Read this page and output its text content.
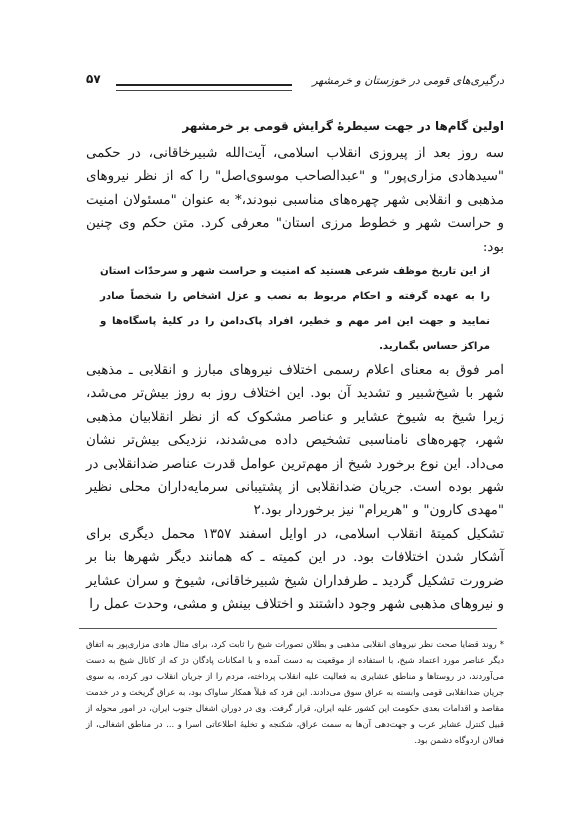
درگیری‌های قومی در خوزستان و خرمشهر
۵۷
اولین گام‌ها در جهت سیطرهٔ گرایش قومی بر خرمشهر

سه روز بعد از پیروزی انقلاب اسلامی، آیت‌الله شبیرخاقانی، در حکمی "سیدهادی مزاری‌پور" و "عبدالصاحب موسوی‌اصل" را که از نظر نیروهای مذهبی و انقلابی شهر چهره‌های مناسبی نبودند،* به عنوان "مسئولان امنیت و حراست شهر و خطوط مرزی استان" معرفی کرد. متن حکم وی چنین بود:

از این تاریخ موظف شرعی هستید که امنیت و حراست شهر و سرحدّات استان را به عهده گرفته و احکام مربوط به نصب و عزل اشخاص را شخصاً صادر نمایید و جهت این امر مهم و خطیر، افراد پاک‌دامن را در کلیهٔ پاسگاه‌ها و مراکز حساس بگمارید.

امر فوق به معنای اعلام رسمی اختلاف نیروهای مبارز و انقلابی ـ مذهبی شهر با شیخ‌شبیر و تشدید آن بود. این اختلاف روز به روز بیش‌تر می‌شد، زیرا شیخ به شیوخ عشایر و عناصر مشکوک که از نظر انقلابیان مذهبی شهر، چهره‌های نامناسبی تشخیص داده می‌شدند، نزدیکی بیش‌تر نشان می‌داد. این نوع برخورد شیخ از مهم‌ترین عوامل قدرت عناصر ضدانقلابی در شهر بوده است. جریان ضدانقلابی از پشتیبانی سرمایه‌داران محلی نظیر "مهدی کارون" و "هریرام" نیز برخوردار بود.۲

تشکیل کمیتهٔ انقلاب اسلامی، در اوایل اسفند ۱۳۵۷ محمل دیگری برای آشکار شدن اختلافات بود. در این کمیته ـ که همانند دیگر شهرها بنا بر ضرورت تشکیل گردید ـ طرفداران شیخ شبیرخاقانی، شیوخ و سران عشایر و نیروهای مذهبی شهر وجود داشتند و اختلاف بینش و مشی، وحدت عمل را

* روند قضایا صحت نظر نیروهای انقلابی مذهبی و بطلان تصورات شیخ را ثابت کرد، برای مثال هادی مزاری‌پور به اتفاق دیگر عناصر مورد اعتماد شیخ، با استفاده از موقعیت به دست آمده و با امکانات پادگان دژ که از کانال شیخ به دست می‌آوردند، در روستاها و مناطق عشایری به فعالیت علیه انقلاب پرداخته، مردم را از جریان انقلاب دور کرده، به سوی جریان ضدانقلابی قومی وابسته به عراق سوق می‌دادند. این فرد که قبلاً همکار ساواک بود، به عراق گریخت و در خدمت مقاصد و اقدامات بعدی حکومت این کشور علیه ایران، قرار گرفت. وی در دوران اشغال جنوب ایران، در امور محوله از قبیل کنترل عشایر عرب و جهت‌دهی آن‌ها به سمت عراق، شکنجه و تخلیهٔ اطلاعاتی اسرا و ... در مناطق اشغالی، از فعالان اردوگاه دشمن بود.
